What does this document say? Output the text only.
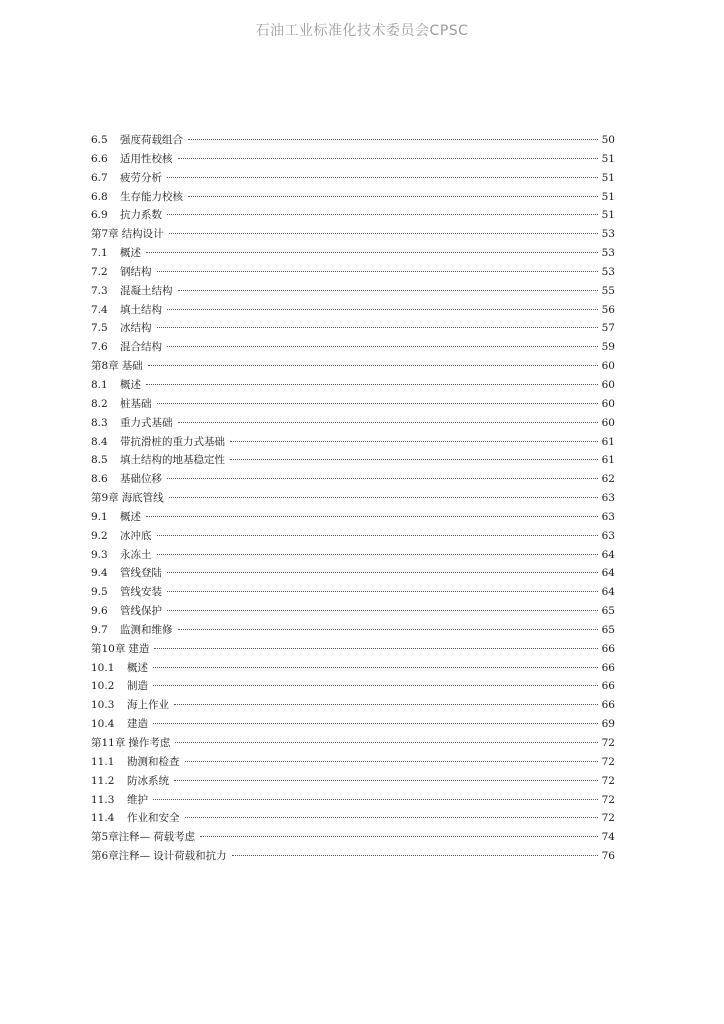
石油工业标准化技术委员会CPSC
6.5	强度荷载组合	50
6.6	适用性校核	51
6.7	疲劳分析	51
6.8	生存能力校核	51
6.9	抗力系数	51
第7章 结构设计	53
7.1	概述	53
7.2	钢结构	53
7.3	混凝土结构	55
7.4	填土结构	56
7.5	冰结构	57
7.6	混合结构	59
第8章 基础	60
8.1	概述	60
8.2	桩基础	60
8.3	重力式基础	60
8.4	带抗滑桩的重力式基础	61
8.5	填土结构的地基稳定性	61
8.6	基础位移	62
第9章 海底管线	63
9.1	概述	63
9.2	冰冲底	63
9.3	永冻土	64
9.4	管线登陆	64
9.5	管线安装	64
9.6	管线保护	65
9.7	监测和维修	65
第10章 建造	66
10.1	概述	66
10.2	制造	66
10.3	海上作业	66
10.4	建造	69
第11章 操作考虑	72
11.1	勘测和检查	72
11.2	防冰系统	72
11.3	维护	72
11.4	作业和安全	72
第5章注释— 荷载考虑	74
第6章注释— 设计荷载和抗力	76
